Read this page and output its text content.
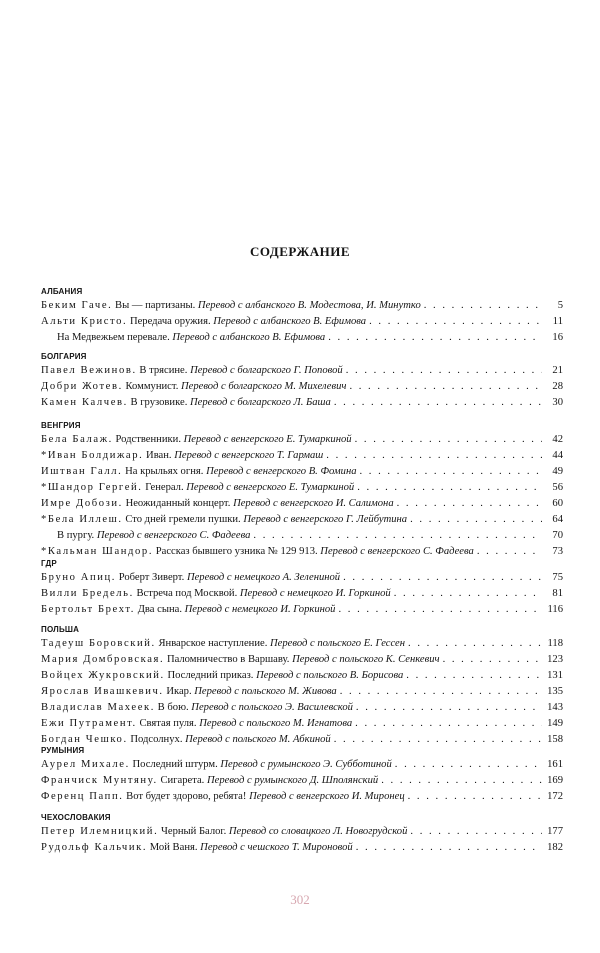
СОДЕРЖАНИЕ
АЛБАНИЯ
Беким Гаче. Вы — партизаны. Перевод с албанского В. Модестова, И. Минутко . . .	5
Альти Кристо. Передача оружия. Перевод с албанского В. Ефимова . . .	11
На Медвежьем перевале. Перевод с албанского В. Ефимова . . .	16
БОЛГАРИЯ
Павел Вежинов. В трясине. Перевод с болгарского Г. Поповой . . .	21
Добри Жотев. Коммунист. Перевод с болгарского М. Михелевич . . .	28
Камен Калчев. В грузовике. Перевод с болгарского Л. Баша . . .	30
ВЕНГРИЯ
Бела Балаж. Родственники. Перевод с венгерского Е. Тумаркиной . . .	42
*Иван Болдижар. Иван. Перевод с венгерского Т. Гармаш . . .	44
Иштван Галл. На крыльях огня. Перевод с венгерского В. Фомина . . .	49
*Шандор Гергей. Генерал. Перевод с венгерского Е. Тумаркиной . . .	56
Имре Добози. Неожиданный концерт. Перевод с венгерского И. Салимона . . .	60
*Бела Иллеш. Сто дней гремели пушки. Перевод с венгерского Г. Лейбутина . . .	64
В пургу. Перевод с венгерского С. Фадеева . . .	70
*Кальман Шандор. Рассказ бывшего узника № 129 913. Перевод с венгерского С. Фадеева . . .	73
ГДР
Бруно Апиц. Роберт Зиверт. Перевод с немецкого А. Зелениной . . .	75
Вилли Бредель. Встреча под Москвой. Перевод с немецкого И. Горкиной . . .	81
Бертольт Брехт. Два сына. Перевод с немецкого И. Горкиной . . .	116
ПОЛЬША
Тадеуш Боровский. Январское наступление. Перевод с польского Е. Гессен . . .	118
Мария Домбровская. Паломничество в Варшаву. Перевод с польского К. Сенкевич . . .	123
Войцех Жукровский. Последний приказ. Перевод с польского В. Борисова . . .	131
Ярослав Ивашкевич. Икар. Перевод с польского М. Живова . . .	135
Владислав Махеек. В бою. Перевод с польского Э. Василевской . . .	143
Ежи Путрамент. Святая пуля. Перевод с польского М. Игнатова . . .	149
Богдан Чешко. Подсолнух. Перевод с польского М. Абкиной . . .	158
РУМЫНИЯ
Аурел Михале. Последний штурм. Перевод с румынского Э. Субботиной . . .	161
Франчиск Мунтяну. Сигарета. Перевод с румынского Д. Шполянский . . .	169
Ференц Папп. Вот будет здорово, ребята! Перевод с венгерского И. Миронец . . .	172
ЧЕХОСЛОВАКИЯ
Петер Илемницкий. Черный Балог. Перевод со словацкого Л. Новогрудской . . .	177
Рудольф Кальчик. Мой Ваня. Перевод с чешского Т. Мироновой . . .	182
302
